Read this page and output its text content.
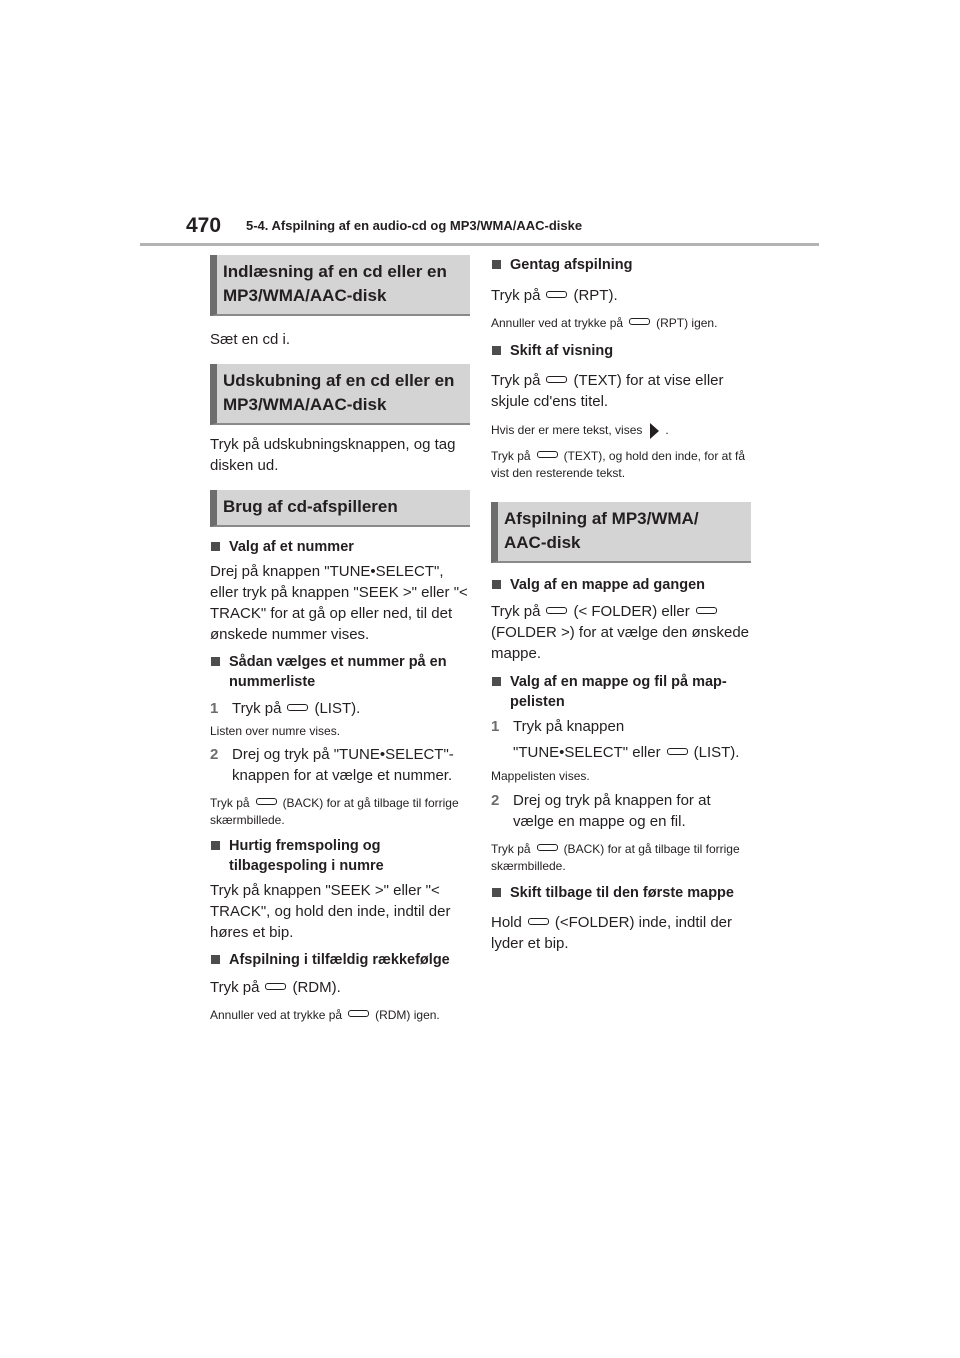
470 5-4. Afspilning af en audio-cd og MP3/WMA/AAC-diske
Indlæsning af en cd eller en MP3/WMA/AAC-disk

Sæt en cd i.

Udskubning af en cd eller en MP3/WMA/AAC-disk

Tryk på udskubningsknappen, og tag disken ud.

Brug af cd-afspilleren
Valg af et nummer

Drej på knappen "TUNE•SELECT", eller tryk på knappen "SEEK >" eller "< TRACK" for at gå op eller ned, til det ønskede nummer vises.

Sådan vælges et nummer på en nummerliste
1 Tryk på (LIST).

Listen over numre vises.

2 Drej og tryk på "TUNE•SELECT"-knappen for at vælge et nummer.

Tryk på	(BACK) for at gå tilbage til forrige skærmbillede.

Hurtig fremspoling og tilbagespoling i numre

Tryk på knappen "SEEK >" eller "< TRACK", og hold den inde, indtil der høres et bip.

Afspilning i tilfældig rækkefølge

Tryk på (RDM).

Annuller ved at trykke på	(RDM) igen.

Gentag afspilning

Tryk på (RPT).

Annuller ved at trykke på	(RPT) igen.

Skift af visning

Tryk på (TEXT) for at vise eller skjule cd'ens titel.

Hvis der er mere tekst, vises .

Tryk på	(TEXT), og hold den inde, for at få vist den resterende tekst.

Afspilning af MP3/WMA/ AAC-disk
Valg af en mappe ad gangen

Tryk på (< FOLDER) eller(FOLDER >) for at vælge den ønskede mappe.

Valg af en mappe og fil på map-pelisten
1 Tryk på knappen
"TUNE•SELECT" eller (LIST).

Mappelisten vises.

2 Drej og tryk på knappen for at vælge en mappe og en fil.

Tryk på	(BACK) for at gå tilbage til forrige skærmbillede.

Skift tilbage til den første mappe

Hold (<FOLDER) inde, indtil der lyder et bip.
